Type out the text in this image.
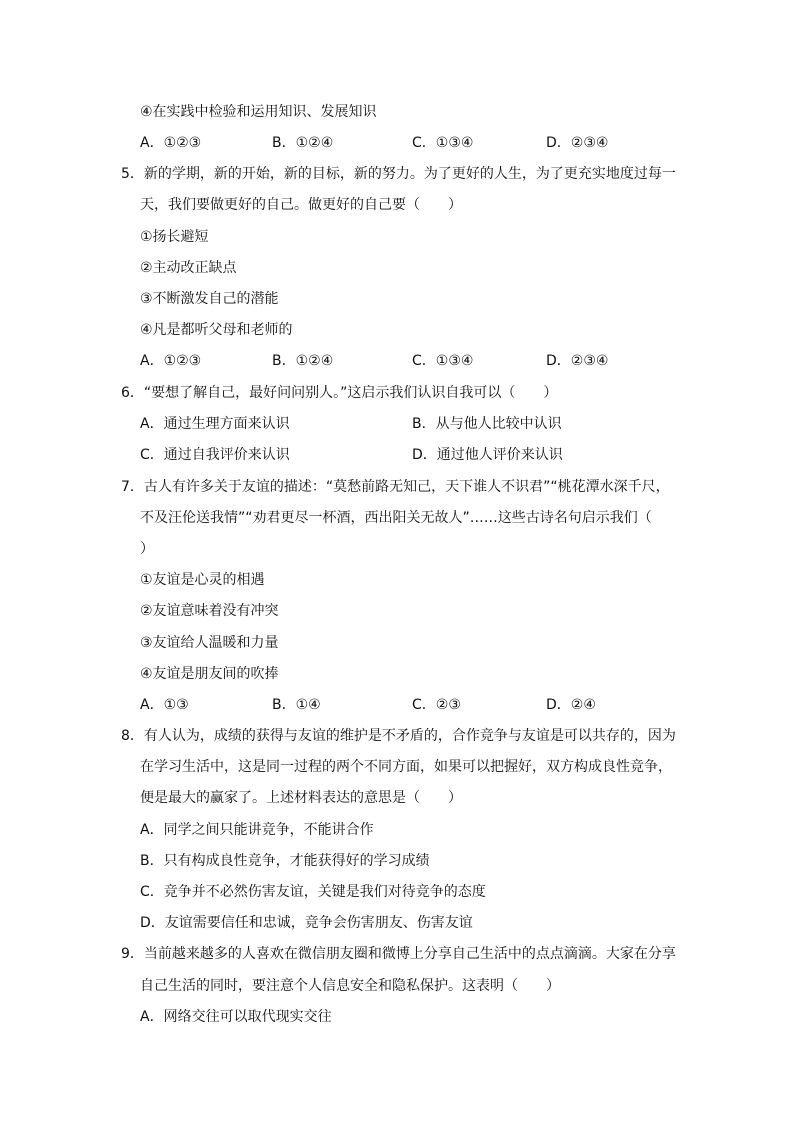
④在实践中检验和运用知识、发展知识
A．①②③	B．①②④	C．①③④	D．②③④
5．新的学期，新的开始，新的目标，新的努力。为了更好的人生，为了更充实地度过每一
天，我们要做更好的自己。做更好的自己要（　　）
①扬长避短
②主动改正缺点
③不断激发自己的潜能
④凡是都听父母和老师的
A．①②③	B．①②④	C．①③④	D．②③④
6．“要想了解自己，最好问问别人。”这启示我们认识自我可以（　　）
A．通过生理方面来认识	B．从与他人比较中认识
C．通过自我评价来认识	D．通过他人评价来认识
7．古人有许多关于友谊的描述：“莫愁前路无知己，天下谁人不识君”“桃花潭水深千尺，
不及汪伦送我情”“劝君更尽一杯酒，西出阳关无故人”……这些古诗名句启示我们（
）
①友谊是心灵的相遇
②友谊意味着没有冲突
③友谊给人温暖和力量
④友谊是朋友间的吹捧
A．①③	B．①④	C．②③	D．②④
8．有人认为，成绩的获得与友谊的维护是不矛盾的，合作竞争与友谊是可以共存的，因为
在学习生活中，这是同一过程的两个不同方面，如果可以把握好，双方构成良性竞争，
便是最大的赢家了。上述材料表达的意思是（　　）
A．同学之间只能讲竞争，不能讲合作
B．只有构成良性竞争，才能获得好的学习成绩
C．竞争并不必然伤害友谊，关键是我们对待竞争的态度
D．友谊需要信任和忠诚，竞争会伤害朋友、伤害友谊
9．当前越来越多的人喜欢在微信朋友圈和微博上分享自己生活中的点点滴滴。大家在分享
自己生活的同时，要注意个人信息安全和隐私保护。这表明（　　）
A．网络交往可以取代现实交往
